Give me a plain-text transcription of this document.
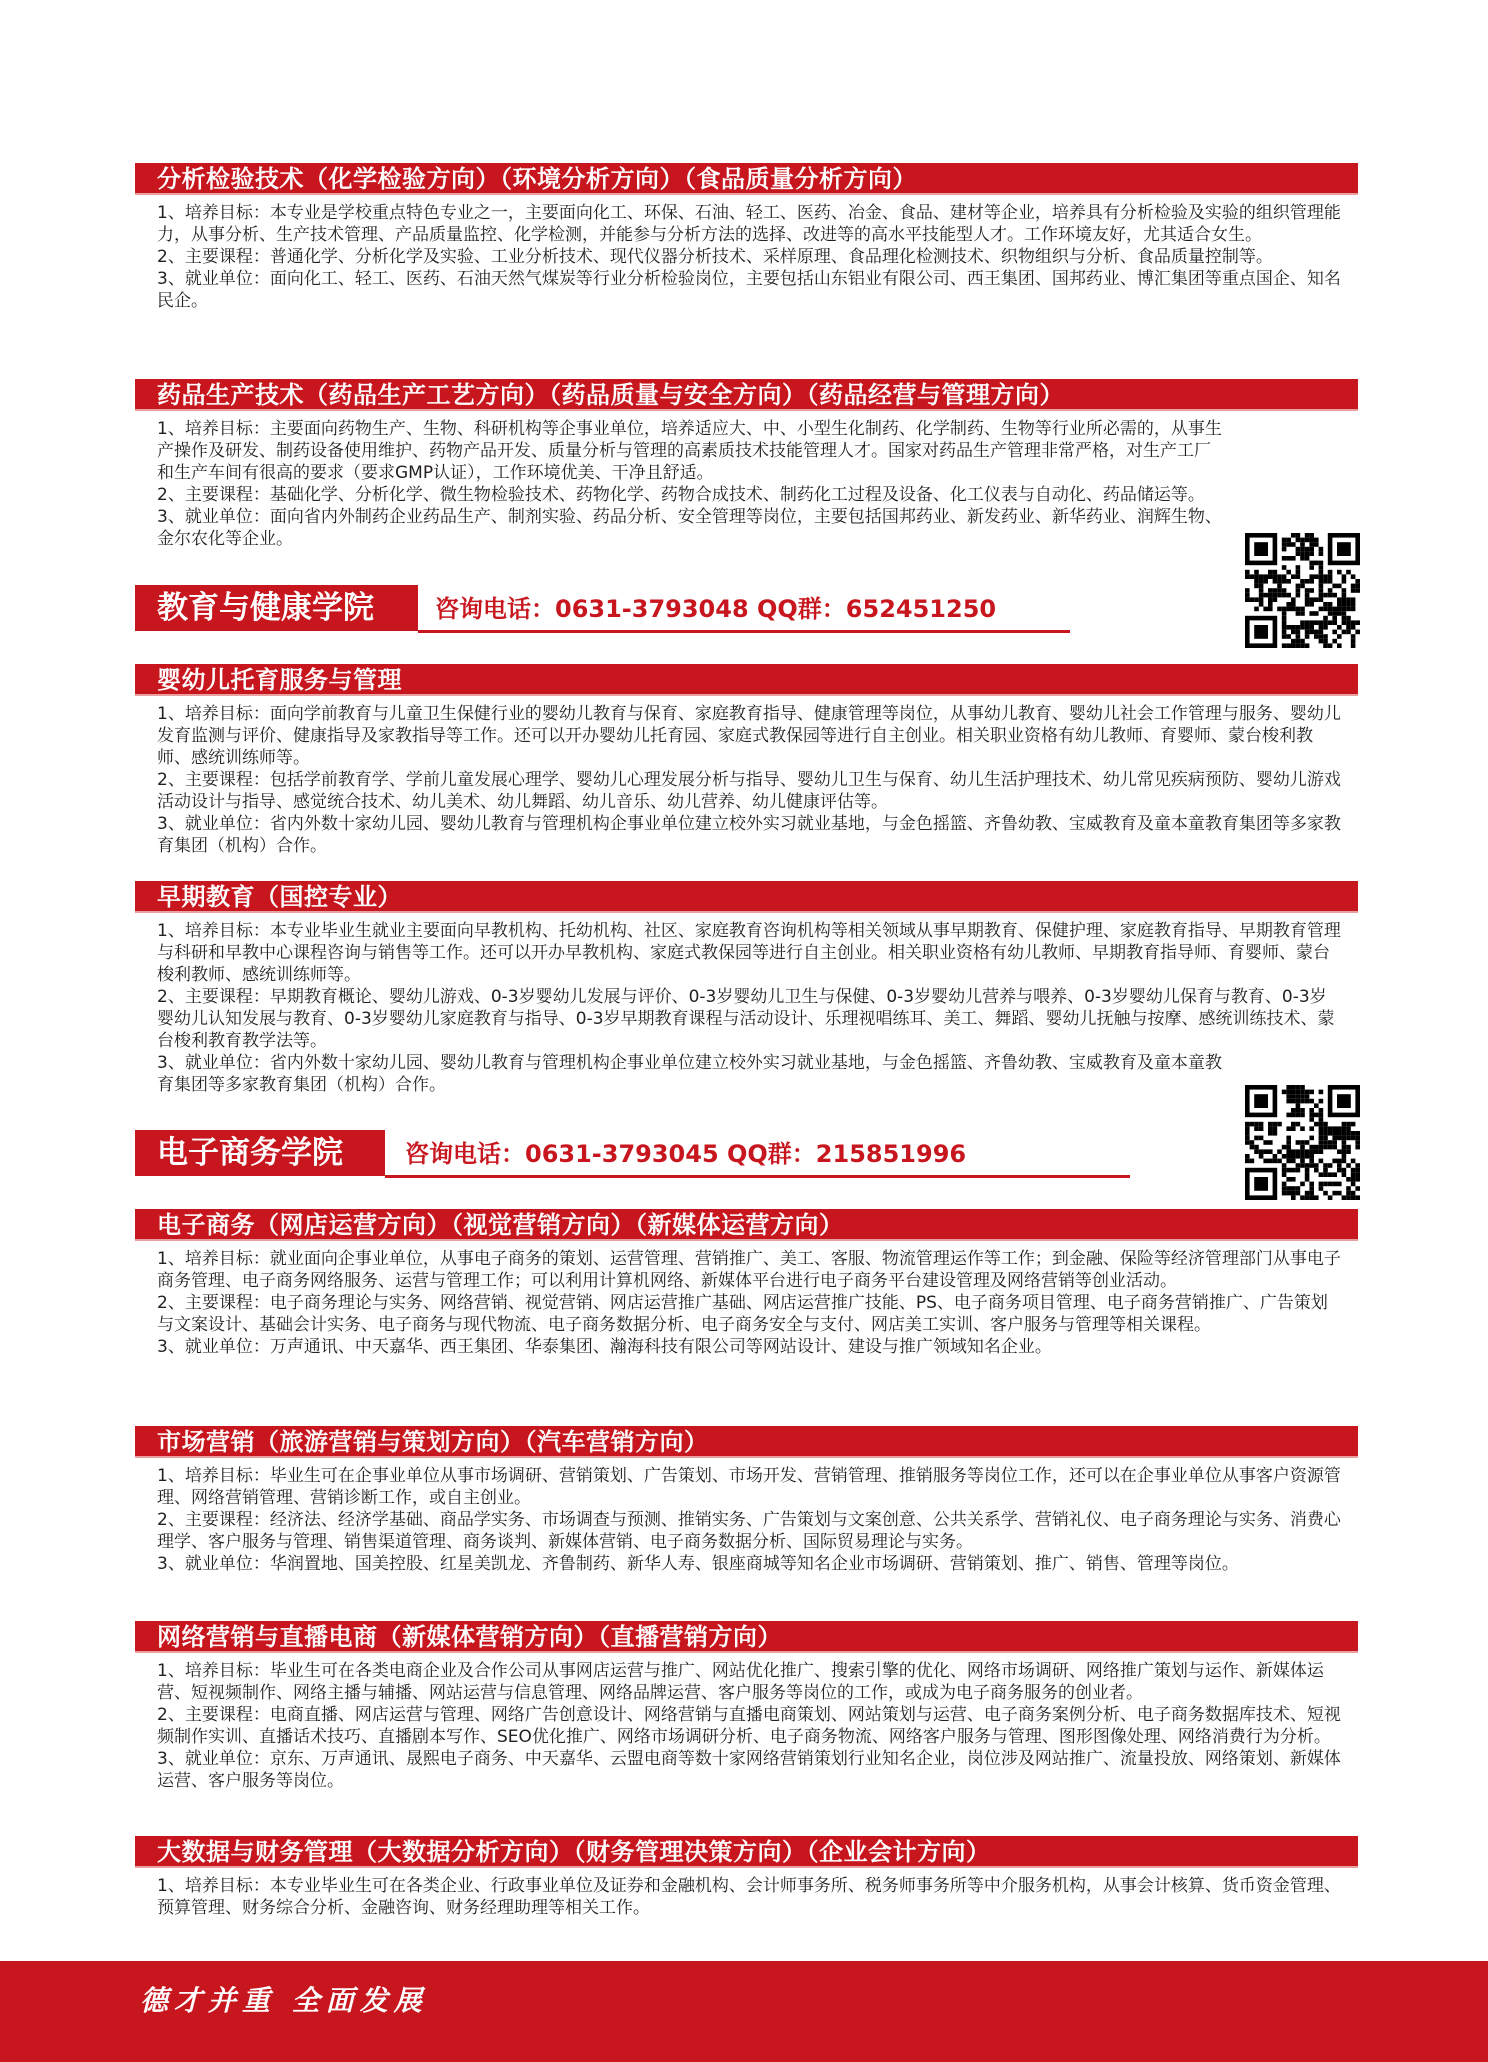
分析检验技术（化学检验方向）（环境分析方向）（食品质量分析方向）

1、培养目标：本专业是学校重点特色专业之一，主要面向化工、环保、石油、轻工、医药、冶金、食品、建材等企业，培养具有分析检验及实验的组织管理能力，从事分析、生产技术管理、产品质量监控、化学检测，并能参与分析方法的选择、改进等的高水平技能型人才。工作环境友好，尤其适合女生。

2、主要课程：普通化学、分析化学及实验、工业分析技术、现代仪器分析技术、采样原理、食品理化检测技术、织物组织与分析、食品质量控制等。

3、就业单位：面向化工、轻工、医药、石油天然气煤炭等行业分析检验岗位，主要包括山东铝业有限公司、西王集团、国邦药业、博汇集团等重点国企、知名民企。

药品生产技术（药品生产工艺方向）（药品质量与安全方向）（药品经营与管理方向）

1、培养目标：主要面向药物生产、生物、科研机构等企事业单位，培养适应大、中、小型生化制药、化学制药、生物等行业所必需的，从事生产操作及研发、制药设备使用维护、药物产品开发、质量分析与管理的高素质技术技能管理人才。国家对药品生产管理非常严格，对生产工厂和生产车间有很高的要求（要求GMP认证），工作环境优美、干净且舒适。

2、主要课程：基础化学、分析化学、微生物检验技术、药物化学、药物合成技术、制药化工过程及设备、化工仪表与自动化、药品储运等。

3、就业单位：面向省内外制药企业药品生产、制剂实验、药品分析、安全管理等岗位，主要包括国邦药业、新发药业、新华药业、润辉生物、金尔农化等企业。

教育与健康学院	咨询电话：0631-3793048 QQ群：652451250
婴幼儿托育服务与管理

1、培养目标：面向学前教育与儿童卫生保健行业的婴幼儿教育与保育、家庭教育指导、健康管理等岗位，从事幼儿教育、婴幼儿社会工作管理与服务、婴幼儿发育监测与评价、健康指导及家教指导等工作。还可以开办婴幼儿托育园、家庭式教保园等进行自主创业。相关职业资格有幼儿教师、育婴师、蒙台梭利教师、感统训练师等。

2、主要课程：包括学前教育学、学前儿童发展心理学、婴幼儿心理发展分析与指导、婴幼儿卫生与保育、幼儿生活护理技术、幼儿常见疾病预防、婴幼儿游戏活动设计与指导、感觉统合技术、幼儿美术、幼儿舞蹈、幼儿音乐、幼儿营养、幼儿健康评估等。

3、就业单位：省内外数十家幼儿园、婴幼儿教育与管理机构企事业单位建立校外实习就业基地，与金色摇篮、齐鲁幼教、宝威教育及童本童教育集团等多家教育集团（机构）合作。

早期教育（国控专业）

1、培养目标：本专业毕业生就业主要面向早教机构、托幼机构、社区、家庭教育咨询机构等相关领域从事早期教育、保健护理、家庭教育指导、早期教育管理与科研和早教中心课程咨询与销售等工作。还可以开办早教机构、家庭式教保园等进行自主创业。相关职业资格有幼儿教师、早期教育指导师、育婴师、蒙台梭利教师、感统训练师等。

2、主要课程：早期教育概论、婴幼儿游戏、0-3岁婴幼儿发展与评价、0-3岁婴幼儿卫生与保健、0-3岁婴幼儿营养与喂养、0-3岁婴幼儿保育与教育、0-3岁婴幼儿认知发展与教育、0-3岁婴幼儿家庭教育与指导、0-3岁早期教育课程与活动设计、乐理视唱练耳、美工、舞蹈、婴幼儿抚触与按摩、感统训练技术、蒙台梭利教育教学法等。

3、就业单位：省内外数十家幼儿园、婴幼儿教育与管理机构企事业单位建立校外实习就业基地，与金色摇篮、齐鲁幼教、宝威教育及童本童教育集团等多家教育集团（机构）合作。

电子商务学院	咨询电话：0631-3793045 QQ群：215851996
电子商务（网店运营方向）（视觉营销方向）（新媒体运营方向）

1、培养目标：就业面向企事业单位，从事电子商务的策划、运营管理、营销推广、美工、客服、物流管理运作等工作；到金融、保险等经济管理部门从事电子商务管理、电子商务网络服务、运营与管理工作；可以利用计算机网络、新媒体平台进行电子商务平台建设管理及网络营销等创业活动。

2、主要课程：电子商务理论与实务、网络营销、视觉营销、网店运营推广基础、网店运营推广技能、PS、电子商务项目管理、电子商务营销推广、广告策划与文案设计、基础会计实务、电子商务与现代物流、电子商务数据分析、电子商务安全与支付、网店美工实训、客户服务与管理等相关课程。

3、就业单位：万声通讯、中天嘉华、西王集团、华泰集团、瀚海科技有限公司等网站设计、建设与推广领域知名企业。

市场营销（旅游营销与策划方向）（汽车营销方向）

1、培养目标：毕业生可在企事业单位从事市场调研、营销策划、广告策划、市场开发、营销管理、推销服务等岗位工作，还可以在企事业单位从事客户资源管理、网络营销管理、营销诊断工作，或自主创业。

2、主要课程：经济法、经济学基础、商品学实务、市场调查与预测、推销实务、广告策划与文案创意、公共关系学、营销礼仪、电子商务理论与实务、消费心理学、客户服务与管理、销售渠道管理、商务谈判、新媒体营销、电子商务数据分析、国际贸易理论与实务。

3、就业单位：华润置地、国美控股、红星美凯龙、齐鲁制药、新华人寿、银座商城等知名企业市场调研、营销策划、推广、销售、管理等岗位。

网络营销与直播电商（新媒体营销方向）（直播营销方向）

1、培养目标：毕业生可在各类电商企业及合作公司从事网店运营与推广、网站优化推广、搜索引擎的优化、网络市场调研、网络推广策划与运作、新媒体运营、短视频制作、网络主播与辅播、网站运营与信息管理、网络品牌运营、客户服务等岗位的工作，或成为电子商务服务的创业者。

2、主要课程：电商直播、网店运营与管理、网络广告创意设计、网络营销与直播电商策划、网站策划与运营、电子商务案例分析、电子商务数据库技术、短视频制作实训、直播话术技巧、直播剧本写作、SEO优化推广、网络市场调研分析、电子商务物流、网络客户服务与管理、图形图像处理、网络消费行为分析。

3、就业单位：京东、万声通讯、晟熙电子商务、中天嘉华、云盟电商等数十家网络营销策划行业知名企业，岗位涉及网站推广、流量投放、网络策划、新媒体运营、客户服务等岗位。

大数据与财务管理（大数据分析方向）（财务管理决策方向）（企业会计方向）

1、培养目标：本专业毕业生可在各类企业、行政事业单位及证券和金融机构、会计师事务所、税务师事务所等中介服务机构，从事会计核算、货币资金管理、预算管理、财务综合分析、金融咨询、财务经理助理等相关工作。

德才并重 全面发展
